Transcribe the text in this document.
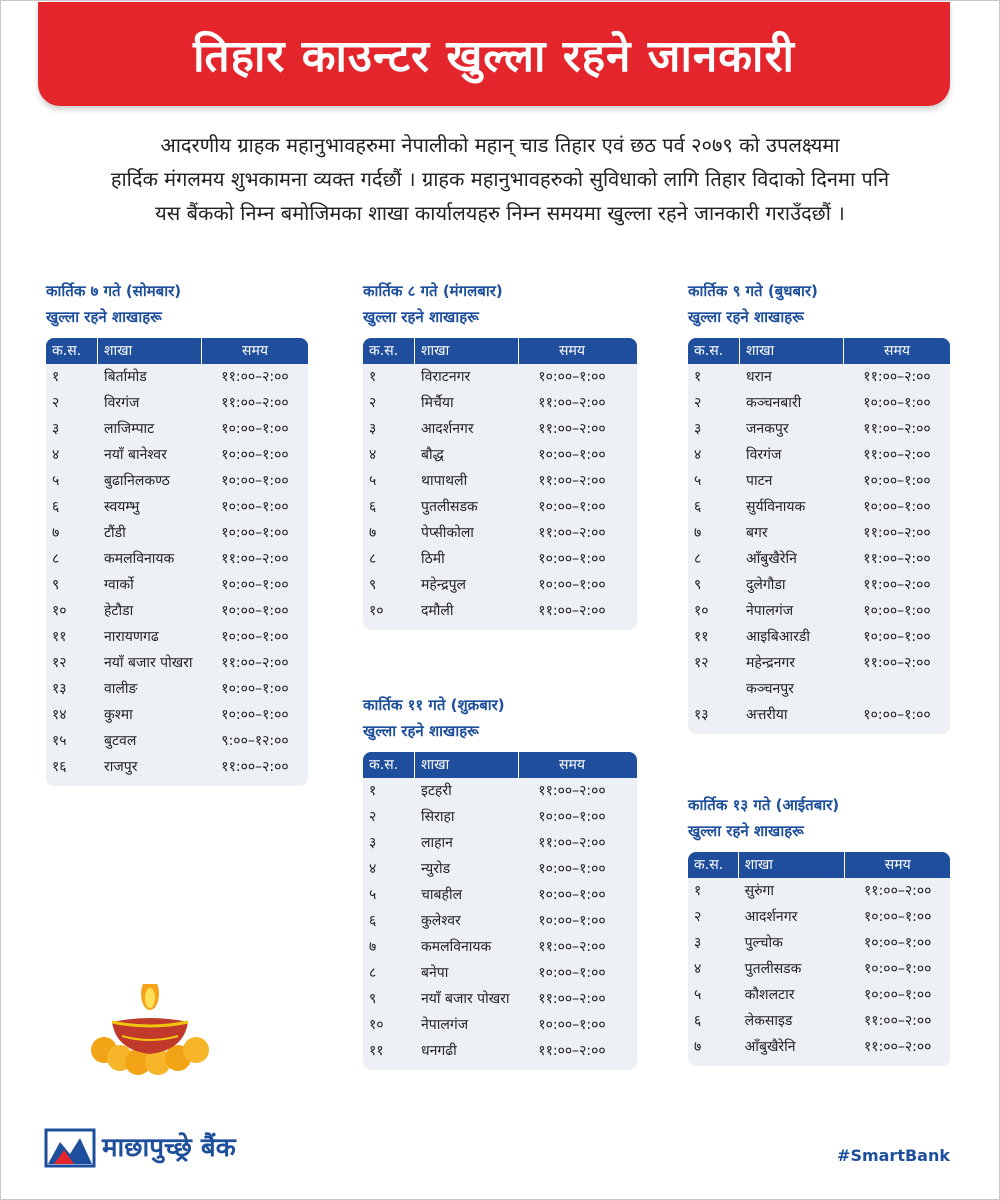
तिहार काउन्टर खुल्ला रहने जानकारी
आदरणीय ग्राहक महानुभावहरुमा नेपालीको महान् चाड तिहार एवं छठ पर्व २०७९ को उपलक्ष्यमा
हार्दिक मंगलमय शुभकामना व्यक्त गर्दछौं । ग्राहक महानुभावहरुको सुविधाको लागि तिहार विदाको दिनमा पनि
यस बैंकको निम्न बमोजिमका शाखा कार्यालयहरु निम्न समयमा खुल्ला रहने जानकारी गराउँदछौं ।
कार्तिक ७ गते (सोमबार)
खुल्ला रहने शाखाहरू
क.स.	शाखा	समय
१	बिर्तामोड	११:००–२:००
२	विरगंज	११:००–२:००
३	लाजिम्पाट	१०:००–१:००
४	नयाँ बानेश्वर	१०:००–१:००
५	बुढानिलकण्ठ	१०:००–१:००
६	स्वयम्भु	१०:००–१:००
७	टौंडी	१०:००–१:००
८	कमलविनायक	११:००–२:००
९	ग्वार्को	१०:००–१:००
१०	हेटौडा	१०:००–१:००
११	नारायणगढ	१०:००–१:००
१२	नयाँ बजार पोखरा	११:००–२:००
१३	वालीङ	१०:००–१:००
१४	कुश्मा	१०:००–१:००
१५	बुटवल	९:००–१२:००
१६	राजपुर	११:००–२:००
कार्तिक ८ गते (मंगलबार)
खुल्ला रहने शाखाहरू
क.स.	शाखा	समय
१	विराटनगर	१०:००–१:००
२	मिर्चैया	११:००–२:००
३	आदर्शनगर	११:००–२:००
४	बौद्ध	१०:००–१:००
५	थापाथली	११:००–२:००
६	पुतलीसडक	१०:००–१:००
७	पेप्सीकोला	११:००–२:००
८	ठिमी	१०:००–१:००
९	महेन्द्रपुल	१०:००–१:००
१०	दमौली	११:००–२:००
कार्तिक ९ गते (बुधबार)
खुल्ला रहने शाखाहरू
क.स.	शाखा	समय
१	धरान	११:००–२:००
२	कञ्चनबारी	१०:००–१:००
३	जनकपुर	११:००–२:००
४	विरगंज	११:००–२:००
५	पाटन	१०:००–१:००
६	सुर्यविनायक	१०:००–१:००
७	बगर	११:००–२:००
८	आँबुखैरेनि	११:००–२:००
९	दुलेगौडा	११:००–२:००
१०	नेपालगंज	१०:००–१:००
११	आइबिआरडी	१०:००–१:००
१२	महेन्द्रनगर कञ्चनपुर
११:००–२:००
१३	अत्तरीया	१०:००–१:००
कार्तिक ११ गते (शुक्रबार)
खुल्ला रहने शाखाहरू
क.स.	शाखा	समय
१	इटहरी	११:००–२:००
२	सिराहा	१०:००–१:००
३	लाहान	११:००–२:००
४	न्युरोड	१०:००–१:००
५	चाबहील	१०:००–१:००
६	कुलेश्वर	१०:००–१:००
७	कमलविनायक	११:००–२:००
८	बनेपा	१०:००–१:००
९	नयाँ बजार पोखरा	११:००–२:००
१०	नेपालगंज	१०:००–१:००
११	धनगढी	११:००–२:००
कार्तिक १३ गते (आईतबार)
खुल्ला रहने शाखाहरू
क.स.	शाखा	समय
१	सुरुंगा	११:००–२:००
२	आदर्शनगर	१०:००–१:००
३	पुल्चोक	१०:००–१:००
४	पुतलीसडक	१०:००–१:००
५	कौशलटार	१०:००–१:००
६	लेकसाइड	११:००–२:००
७	आँबुखैरेनि	११:००–२:००
माछापुच्छ्रे बैंक	#SmartBank
